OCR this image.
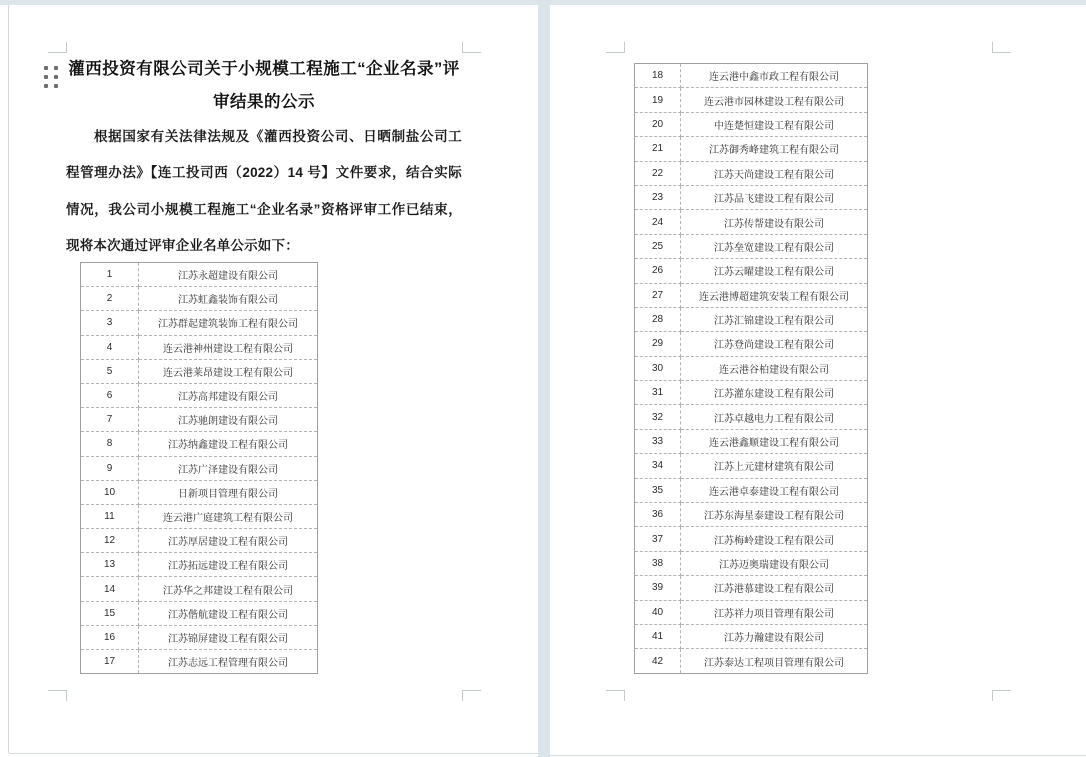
灌西投资有限公司关于小规模工程施工“企业名录”评
审结果的公示

根据国家有关法律法规及《灌西投资公司、日晒制盐公司工程管理办法》【连工投司西（2022）14 号】文件要求，结合实际情况，我公司小规模工程施工“企业名录”资格评审工作已结束，现将本次通过评审企业名单公示如下：

1	江苏永超建设有限公司
2	江苏虹鑫装饰有限公司
3	江苏群起建筑装饰工程有限公司
4	连云港神州建设工程有限公司
5	连云港莱昂建设工程有限公司
6	江苏高邦建设有限公司
7	江苏驰朗建设有限公司
8	江苏纳鑫建设工程有限公司
9	江苏广泽建设有限公司
10	日新项目管理有限公司
11	连云港广庭建筑工程有限公司
12	江苏厚居建设工程有限公司
13	江苏拓远建设工程有限公司
14	江苏华之邦建设工程有限公司
15	江苏偕航建设工程有限公司
16	江苏锦屏建设工程有限公司
17	江苏志远工程管理有限公司
18	连云港中鑫市政工程有限公司
19	连云港市园林建设工程有限公司
20	中连楚恒建设工程有限公司
21	江苏御秀峰建筑工程有限公司
22	江苏天尚建设工程有限公司
23	江苏品飞建设工程有限公司
24	江苏传帮建设有限公司
25	江苏垒宽建设工程有限公司
26	江苏云曜建设工程有限公司
27	连云港博超建筑安装工程有限公司
28	江苏汇锦建设工程有限公司
29	江苏登尚建设工程有限公司
30	连云港谷柏建设有限公司
31	江苏灌东建设工程有限公司
32	江苏卓越电力工程有限公司
33	连云港鑫顺建设工程有限公司
34	江苏上元建材建筑有限公司
35	连云港卓泰建设工程有限公司
36	江苏东海星泰建设工程有限公司
37	江苏梅岭建设工程有限公司
38	江苏迈奥瑞建设有限公司
39	江苏港慕建设工程有限公司
40	江苏祥力项目管理有限公司
41	江苏力瀚建设有限公司
42	江苏泰达工程项目管理有限公司
